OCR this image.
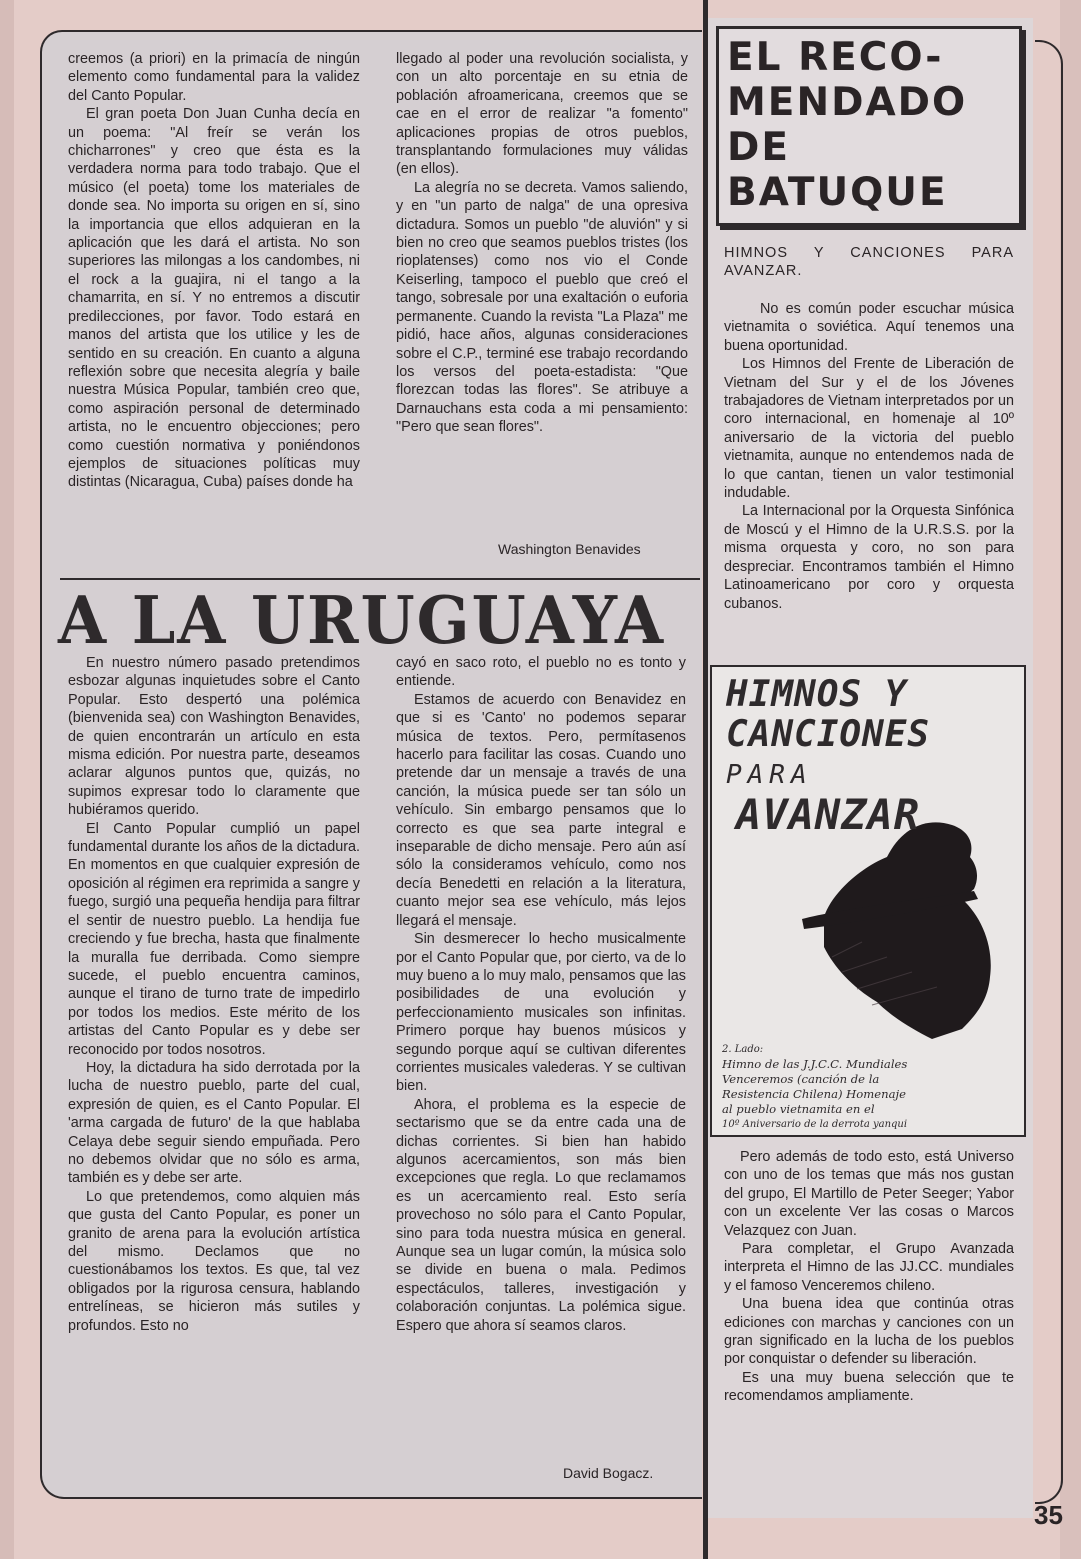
creemos (a priori) en la primacía de ningún elemento como fundamental para la validez del Canto Popular.

El gran poeta Don Juan Cunha decía en un poema: "Al freír se verán los chicharrones" y creo que ésta es la verdadera norma para todo trabajo. Que el músico (el poeta) tome los materiales de donde sea. No importa su origen en sí, sino la importancia que ellos adquieran en la aplicación que les dará el artista. No son superiores las milongas a los candombes, ni el rock a la guajira, ni el tango a la chamarrita, en sí. Y no entremos a discutir predilecciones, por favor. Todo estará en manos del artista que los utilice y les de sentido en su creación. En cuanto a alguna reflexión sobre que necesita alegría y baile nuestra Música Popular, también creo que, como aspiración personal de determinado artista, no le encuentro objecciones; pero como cuestión normativa y poniéndonos ejemplos de situaciones políticas muy distintas (Nicaragua, Cuba) países donde ha

llegado al poder una revolución socialista, y con un alto porcentaje en su etnia de población afroamericana, creemos que se cae en el error de realizar "a fomento" aplicaciones propias de otros pueblos, transplantando formulaciones muy válidas (en ellos).

La alegría no se decreta. Vamos saliendo, y en "un parto de nalga" de una opresiva dictadura. Somos un pueblo "de aluvión" y si bien no creo que seamos pueblos tristes (los rioplatenses) como nos vio el Conde Keiserling, tampoco el pueblo que creó el tango, sobresale por una exaltación o euforia permanente. Cuando la revista "La Plaza" me pidió, hace años, algunas consideraciones sobre el C.P., terminé ese trabajo recordando los versos del poeta-estadista: "Que florezcan todas las flores". Se atribuye a Darnauchans esta coda a mi pensamiento: "Pero que sean flores".

Washington Benavides
A LA URUGUAYA

En nuestro número pasado pretendimos esbozar algunas inquietudes sobre el Canto Popular. Esto despertó una polémica (bienvenida sea) con Washington Benavides, de quien encontrarán un artículo en esta misma edición. Por nuestra parte, deseamos aclarar algunos puntos que, quizás, no supimos expresar todo lo claramente que hubiéramos querido.

El Canto Popular cumplió un papel fundamental durante los años de la dictadura. En momentos en que cualquier expresión de oposición al régimen era reprimida a sangre y fuego, surgió una pequeña hendija para filtrar el sentir de nuestro pueblo. La hendija fue creciendo y fue brecha, hasta que finalmente la muralla fue derribada. Como siempre sucede, el pueblo encuentra caminos, aunque el tirano de turno trate de impedirlo por todos los medios. Este mérito de los artistas del Canto Popular es y debe ser reconocido por todos nosotros.

Hoy, la dictadura ha sido derrotada por la lucha de nuestro pueblo, parte del cual, expresión de quien, es el Canto Popular. El 'arma cargada de futuro' de la que hablaba Celaya debe seguir siendo empuñada. Pero no debemos olvidar que no sólo es arma, también es y debe ser arte.

Lo que pretendemos, como alquien más que gusta del Canto Popular, es poner un granito de arena para la evolución artística del mismo. Declamos que no cuestionábamos los textos. Es que, tal vez obligados por la rigurosa censura, hablando entrelíneas, se hicieron más sutiles y profundos. Esto no

cayó en saco roto, el pueblo no es tonto y entiende.

Estamos de acuerdo con Benavidez en que si es 'Canto' no podemos separar música de textos. Pero, permítasenos hacerlo para facilitar las cosas. Cuando uno pretende dar un mensaje a través de una canción, la música puede ser tan sólo un vehículo. Sin embargo pensamos que lo correcto es que sea parte integral e inseparable de dicho mensaje. Pero aún así sólo la consideramos vehículo, como nos decía Benedetti en relación a la literatura, cuanto mejor sea ese vehículo, más lejos llegará el mensaje.

Sin desmerecer lo hecho musicalmente por el Canto Popular que, por cierto, va de lo muy bueno a lo muy malo, pensamos que las posibilidades de una evolución y perfeccionamiento musicales son infinitas. Primero porque hay buenos músicos y segundo porque aquí se cultivan diferentes corrientes musicales valederas. Y se cultivan bien.

Ahora, el problema es la especie de sectarismo que se da entre cada una de dichas corrientes. Si bien han habido algunos acercamientos, son más bien excepciones que regla. Lo que reclamamos es un acercamiento real. Esto sería provechoso no sólo para el Canto Popular, sino para toda nuestra música en general. Aunque sea un lugar común, la música solo se divide en buena o mala. Pedimos espectáculos, talleres, investigación y colaboración conjuntas. La polémica sigue. Espero que ahora sí seamos claros.

David Bogacz.
EL RECO-
MENDADO
DE
BATUQUE
HIMNOS Y CANCIONES PARA AVANZAR.

No es común poder escuchar música vietnamita o soviética. Aquí tenemos una buena oportunidad.

Los Himnos del Frente de Liberación de Vietnam del Sur y el de los Jóvenes trabajadores de Vietnam interpretados por un coro internacional, en homenaje al 10º aniversario de la victoria del pueblo vietnamita, aunque no entendemos nada de lo que cantan, tienen un valor testimonial indudable.

La Internacional por la Orquesta Sinfónica de Moscú y el Himno de la U.R.S.S. por la misma orquesta y coro, no son para despreciar. Encontramos también el Himno Latinoamericano por coro y orquesta cubanos.

HIMNOS Y
CANCIONES
PARA
AVANZAR
2. Lado:
Himno de las J.J.C.C. Mundiales
Venceremos (canción de la
Resistencia Chilena) Homenaje
al pueblo vietnamita en el
10º Aniversario de la derrota yanqui

Pero además de todo esto, está Universo con uno de los temas que más nos gustan del grupo, El Martillo de Peter Seeger; Yabor con un excelente Ver las cosas o Marcos Velazquez con Juan.

Para completar, el Grupo Avanzada interpreta el Himno de las JJ.CC. mundiales y el famoso Venceremos chileno.

Una buena idea que continúa otras ediciones con marchas y canciones con un gran significado en la lucha de los pueblos por conquistar o defender su liberación.

Es una muy buena selección que te recomendamos ampliamente.

35
